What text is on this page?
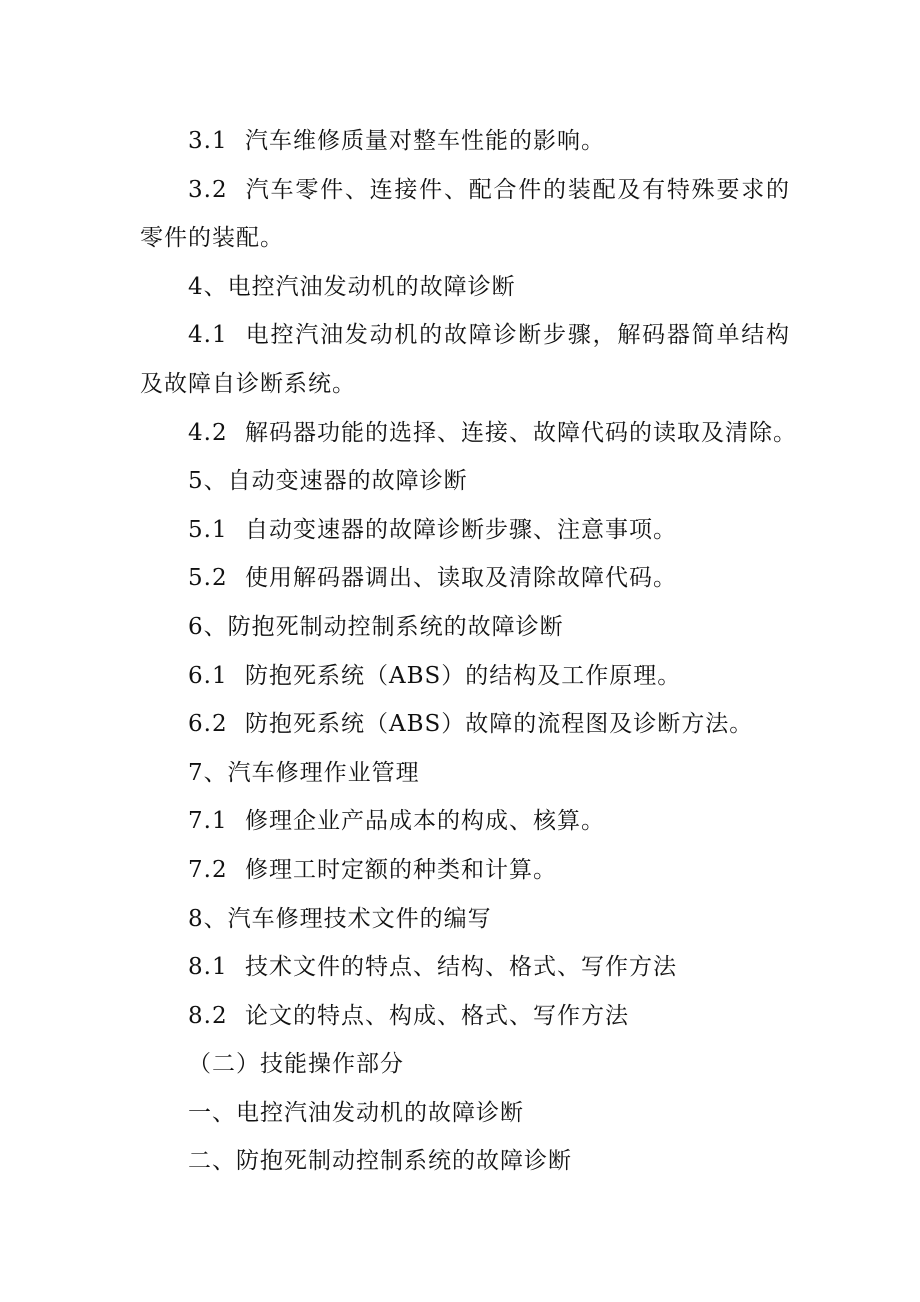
3.1 汽车维修质量对整车性能的影响。
3.2 汽车零件、连接件、配合件的装配及有特殊要求的
零件的装配。
4、电控汽油发动机的故障诊断
4.1 电控汽油发动机的故障诊断步骤，解码器简单结构
及故障自诊断系统。
4.2 解码器功能的选择、连接、故障代码的读取及清除。
5、自动变速器的故障诊断
5.1 自动变速器的故障诊断步骤、注意事项。
5.2 使用解码器调出、读取及清除故障代码。
6、防抱死制动控制系统的故障诊断
6.1 防抱死系统（ABS）的结构及工作原理。
6.2 防抱死系统（ABS）故障的流程图及诊断方法。
7、汽车修理作业管理
7.1 修理企业产品成本的构成、核算。
7.2 修理工时定额的种类和计算。
8、汽车修理技术文件的编写
8.1 技术文件的特点、结构、格式、写作方法
8.2 论文的特点、构成、格式、写作方法
（二）技能操作部分
一、电控汽油发动机的故障诊断
二、防抱死制动控制系统的故障诊断
